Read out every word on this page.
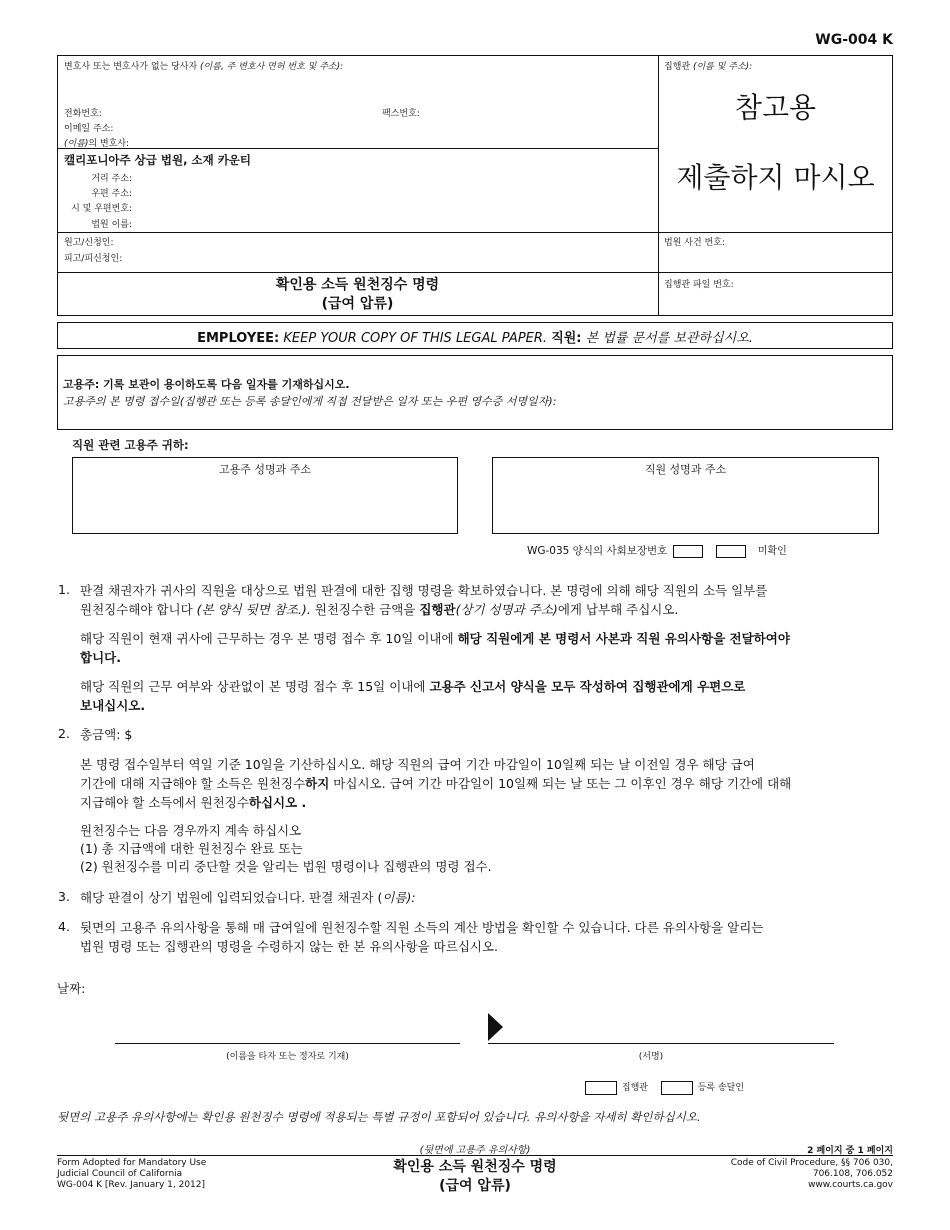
WG-004 K
변호사 또는 변호사가 없는 당사자 (이름, 주 변호사 면허 번호 및 주소):
전화번호:	팩스번호:
이메일 주소:
(이름)의 변호사:
캘리포니아주 상급 법원, 소재 카운티
거리 주소:
우편 주소:
시 및 우편번호:
법원 이름:
원고/신청인:
피고/피신청인:
확인용 소득 원천징수 명령
(급여 압류)
집행관 (이름 및 주소):
참고용
제출하지 마시오
법원 사건 번호:
집행관 파일 번호:
EMPLOYEE: KEEP YOUR COPY OF THIS LEGAL PAPER. 직원: 본 법률 문서를 보관하십시오.
고용주: 기록 보관이 용이하도록 다음 일자를 기재하십시오.
고용주의 본 명령 접수일(집행관 또는 등록 송달인에게 직접 전달받은 일자 또는 우편 영수증 서명일자):
직원 관련 고용주 귀하:
고용주 성명과 주소	직원 성명과 주소
WG-035 양식의 사회보장번호	미확인
1. 판결 채권자가 귀사의 직원을 대상으로 법원 판결에 대한 집행 명령을 확보하였습니다. 본 명령에 의해 해당 직원의 소득 일부를
원천징수해야 합니다 (본 양식 뒷면 참조.). 원천징수한 금액을 집행관(상기 성명과 주소)에게 납부해 주십시오.
해당 직원이 현재 귀사에 근무하는 경우 본 명령 접수 후 10일 이내에 해당 직원에게 본 명령서 사본과 직원 유의사항을 전달하여야
합니다.
해당 직원의 근무 여부와 상관없이 본 명령 접수 후 15일 이내에 고용주 신고서 양식을 모두 작성하여 집행관에게 우편으로
보내십시오.
2. 총금액: $
본 명령 접수일부터 역일 기준 10일을 기산하십시오. 해당 직원의 급여 기간 마감일이 10일째 되는 날 이전일 경우 해당 급여
기간에 대해 지급해야 할 소득은 원천징수하지 마십시오. 급여 기간 마감일이 10일째 되는 날 또는 그 이후인 경우 해당 기간에 대해
지급해야 할 소득에서 원천징수하십시오 .
원천징수는 다음 경우까지 계속 하십시오
(1) 총 지급액에 대한 원천징수 완료 또는
(2) 원천징수를 미리 중단할 것을 알리는 법원 명령이나 집행관의 명령 접수.
3. 해당 판결이 상기 법원에 입력되었습니다. 판결 채권자 (이름):
4. 뒷면의 고용주 유의사항을 통해 매 급여일에 원천징수할 직원 소득의 계산 방법을 확인할 수 있습니다. 다른 유의사항을 알리는
법원 명령 또는 집행관의 명령을 수령하지 않는 한 본 유의사항을 따르십시오.
날짜:
(이름을 타자 또는 정자로 기재)	(서명)
집행관	등록 송달인
뒷면의 고용주 유의사항에는 확인용 원천징수 명령에 적용되는 특별 규정이 포함되어 있습니다. 유의사항을 자세히 확인하십시오.
(뒷면에 고용주 유의사항)	2 페이지 중 1 페이지
Form Adopted for Mandatory Use
Judicial Council of California
WG-004 K [Rev. January 1, 2012]
확인용 소득 원천징수 명령
(급여 압류)
Code of Civil Procedure, §§ 706 030,
706.108, 706.052
www.courts.ca.gov
